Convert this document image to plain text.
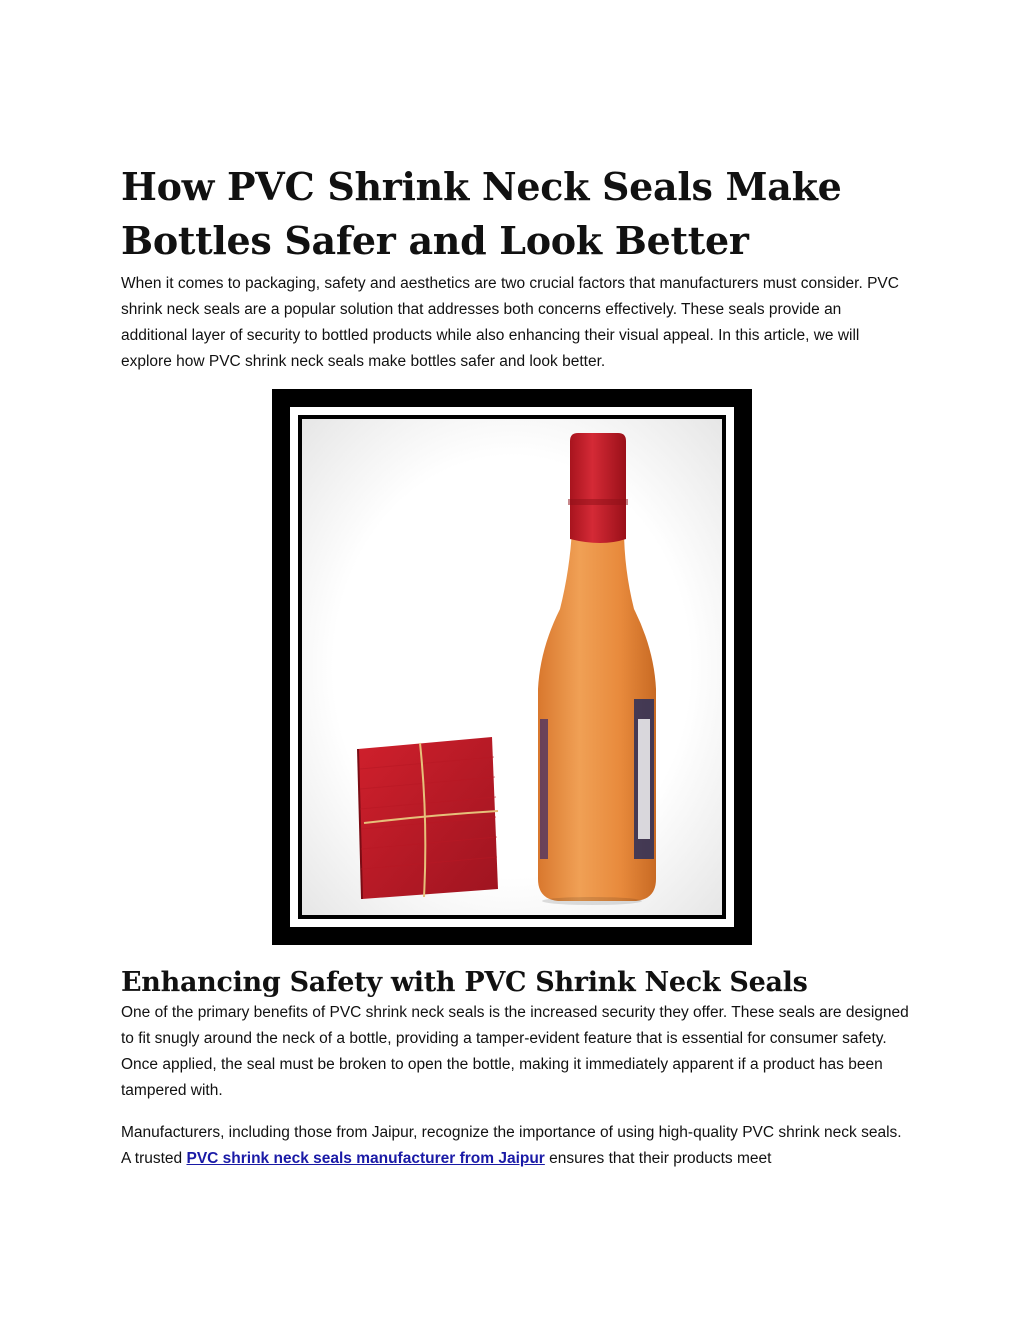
How PVC Shrink Neck Seals Make Bottles Safer and Look Better

When it comes to packaging, safety and aesthetics are two crucial factors that manufacturers must consider. PVC shrink neck seals are a popular solution that addresses both concerns effectively. These seals provide an additional layer of security to bottled products while also enhancing their visual appeal. In this article, we will explore how PVC shrink neck seals make bottles safer and look better.

Enhancing Safety with PVC Shrink Neck Seals

One of the primary benefits of PVC shrink neck seals is the increased security they offer. These seals are designed to fit snugly around the neck of a bottle, providing a tamper-evident feature that is essential for consumer safety. Once applied, the seal must be broken to open the bottle, making it immediately apparent if a product has been tampered with.

Manufacturers, including those from Jaipur, recognize the importance of using high-quality PVC shrink neck seals. A trusted PVC shrink neck seals manufacturer from Jaipur ensures that their products meet
